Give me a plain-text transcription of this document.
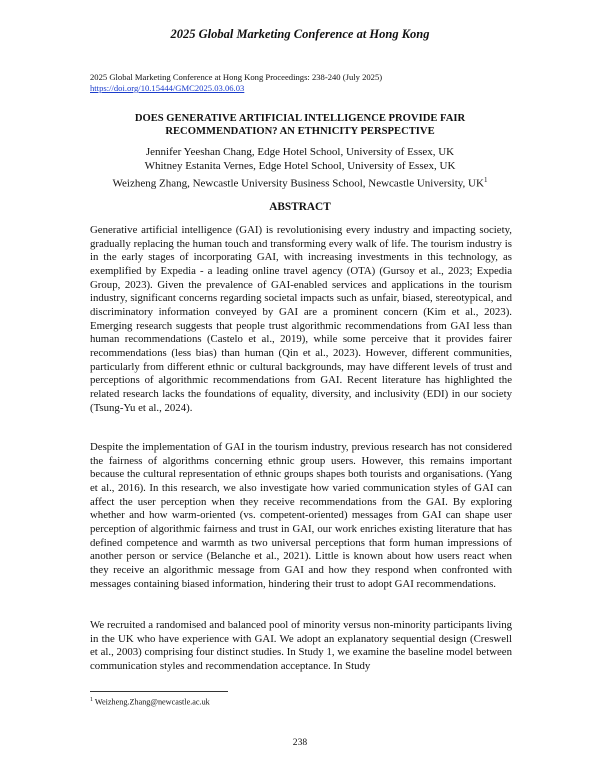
2025 Global Marketing Conference at Hong Kong
2025 Global Marketing Conference at Hong Kong Proceedings: 238-240 (July 2025)
https://doi.org/10.15444/GMC2025.03.06.03
DOES GENERATIVE ARTIFICIAL INTELLIGENCE PROVIDE FAIR
RECOMMENDATION? AN ETHNICITY PERSPECTIVE
Jennifer Yeeshan Chang, Edge Hotel School, University of Essex, UK
Whitney Estanita Vernes, Edge Hotel School, University of Essex, UK
Weizheng Zhang, Newcastle University Business School, Newcastle University, $UK^1$
ABSTRACT
Generative artificial intelligence (GAI) is revolutionising every industry and impacting society, gradually replacing the human touch and transforming every walk of life. The tourism industry is in the early stages of incorporating GAI, with increasing investments in this technology, as exemplified by Expedia - a leading online travel agency (OTA) (Gursoy et al., 2023; Expedia Group, 2023). Given the prevalence of GAI-enabled services and applications in the tourism industry, significant concerns regarding societal impacts such as unfair, biased, stereotypical, and discriminatory information conveyed by GAI are a prominent concern (Kim et al., 2023). Emerging research suggests that people trust algorithmic recommendations from GAI less than human recommendations (Castelo et al., 2019), while some perceive that it provides fairer recommendations (less bias) than human (Qin et al., 2023). However, different communities, particularly from different ethnic or cultural backgrounds, may have different levels of trust and perceptions of algorithmic recommendations from GAI. Recent literature has highlighted the related research lacks the foundations of equality, diversity, and inclusivity (EDI) in our society (Tsung-Yu et al., 2024).
Despite the implementation of GAI in the tourism industry, previous research has not considered the fairness of algorithms concerning ethnic group users. However, this remains important because the cultural representation of ethnic groups shapes both tourists and organisations. (Yang et al., 2016). In this research, we also investigate how varied communication styles of GAI can affect the user perception when they receive recommendations from the GAI. By exploring whether and how warm-oriented (vs. competent-oriented) messages from GAI can shape user perception of algorithmic fairness and trust in GAI, our work enriches existing literature that has defined competence and warmth as two universal perceptions that form human impressions of another person or service (Belanche et al., 2021). Little is known about how users react when they receive an algorithmic message from GAI and how they respond when confronted with messages containing biased information, hindering their trust to adopt GAI recommendations.
We recruited a randomised and balanced pool of minority versus non-minority participants living in the UK who have experience with GAI. We adopt an explanatory sequential design (Creswell et al., 2003) comprising four distinct studies. In Study 1, we examine the baseline model between communication styles and recommendation acceptance. In Study
$^1$ Weizheng.Zhang@newcastle.ac.uk
238
